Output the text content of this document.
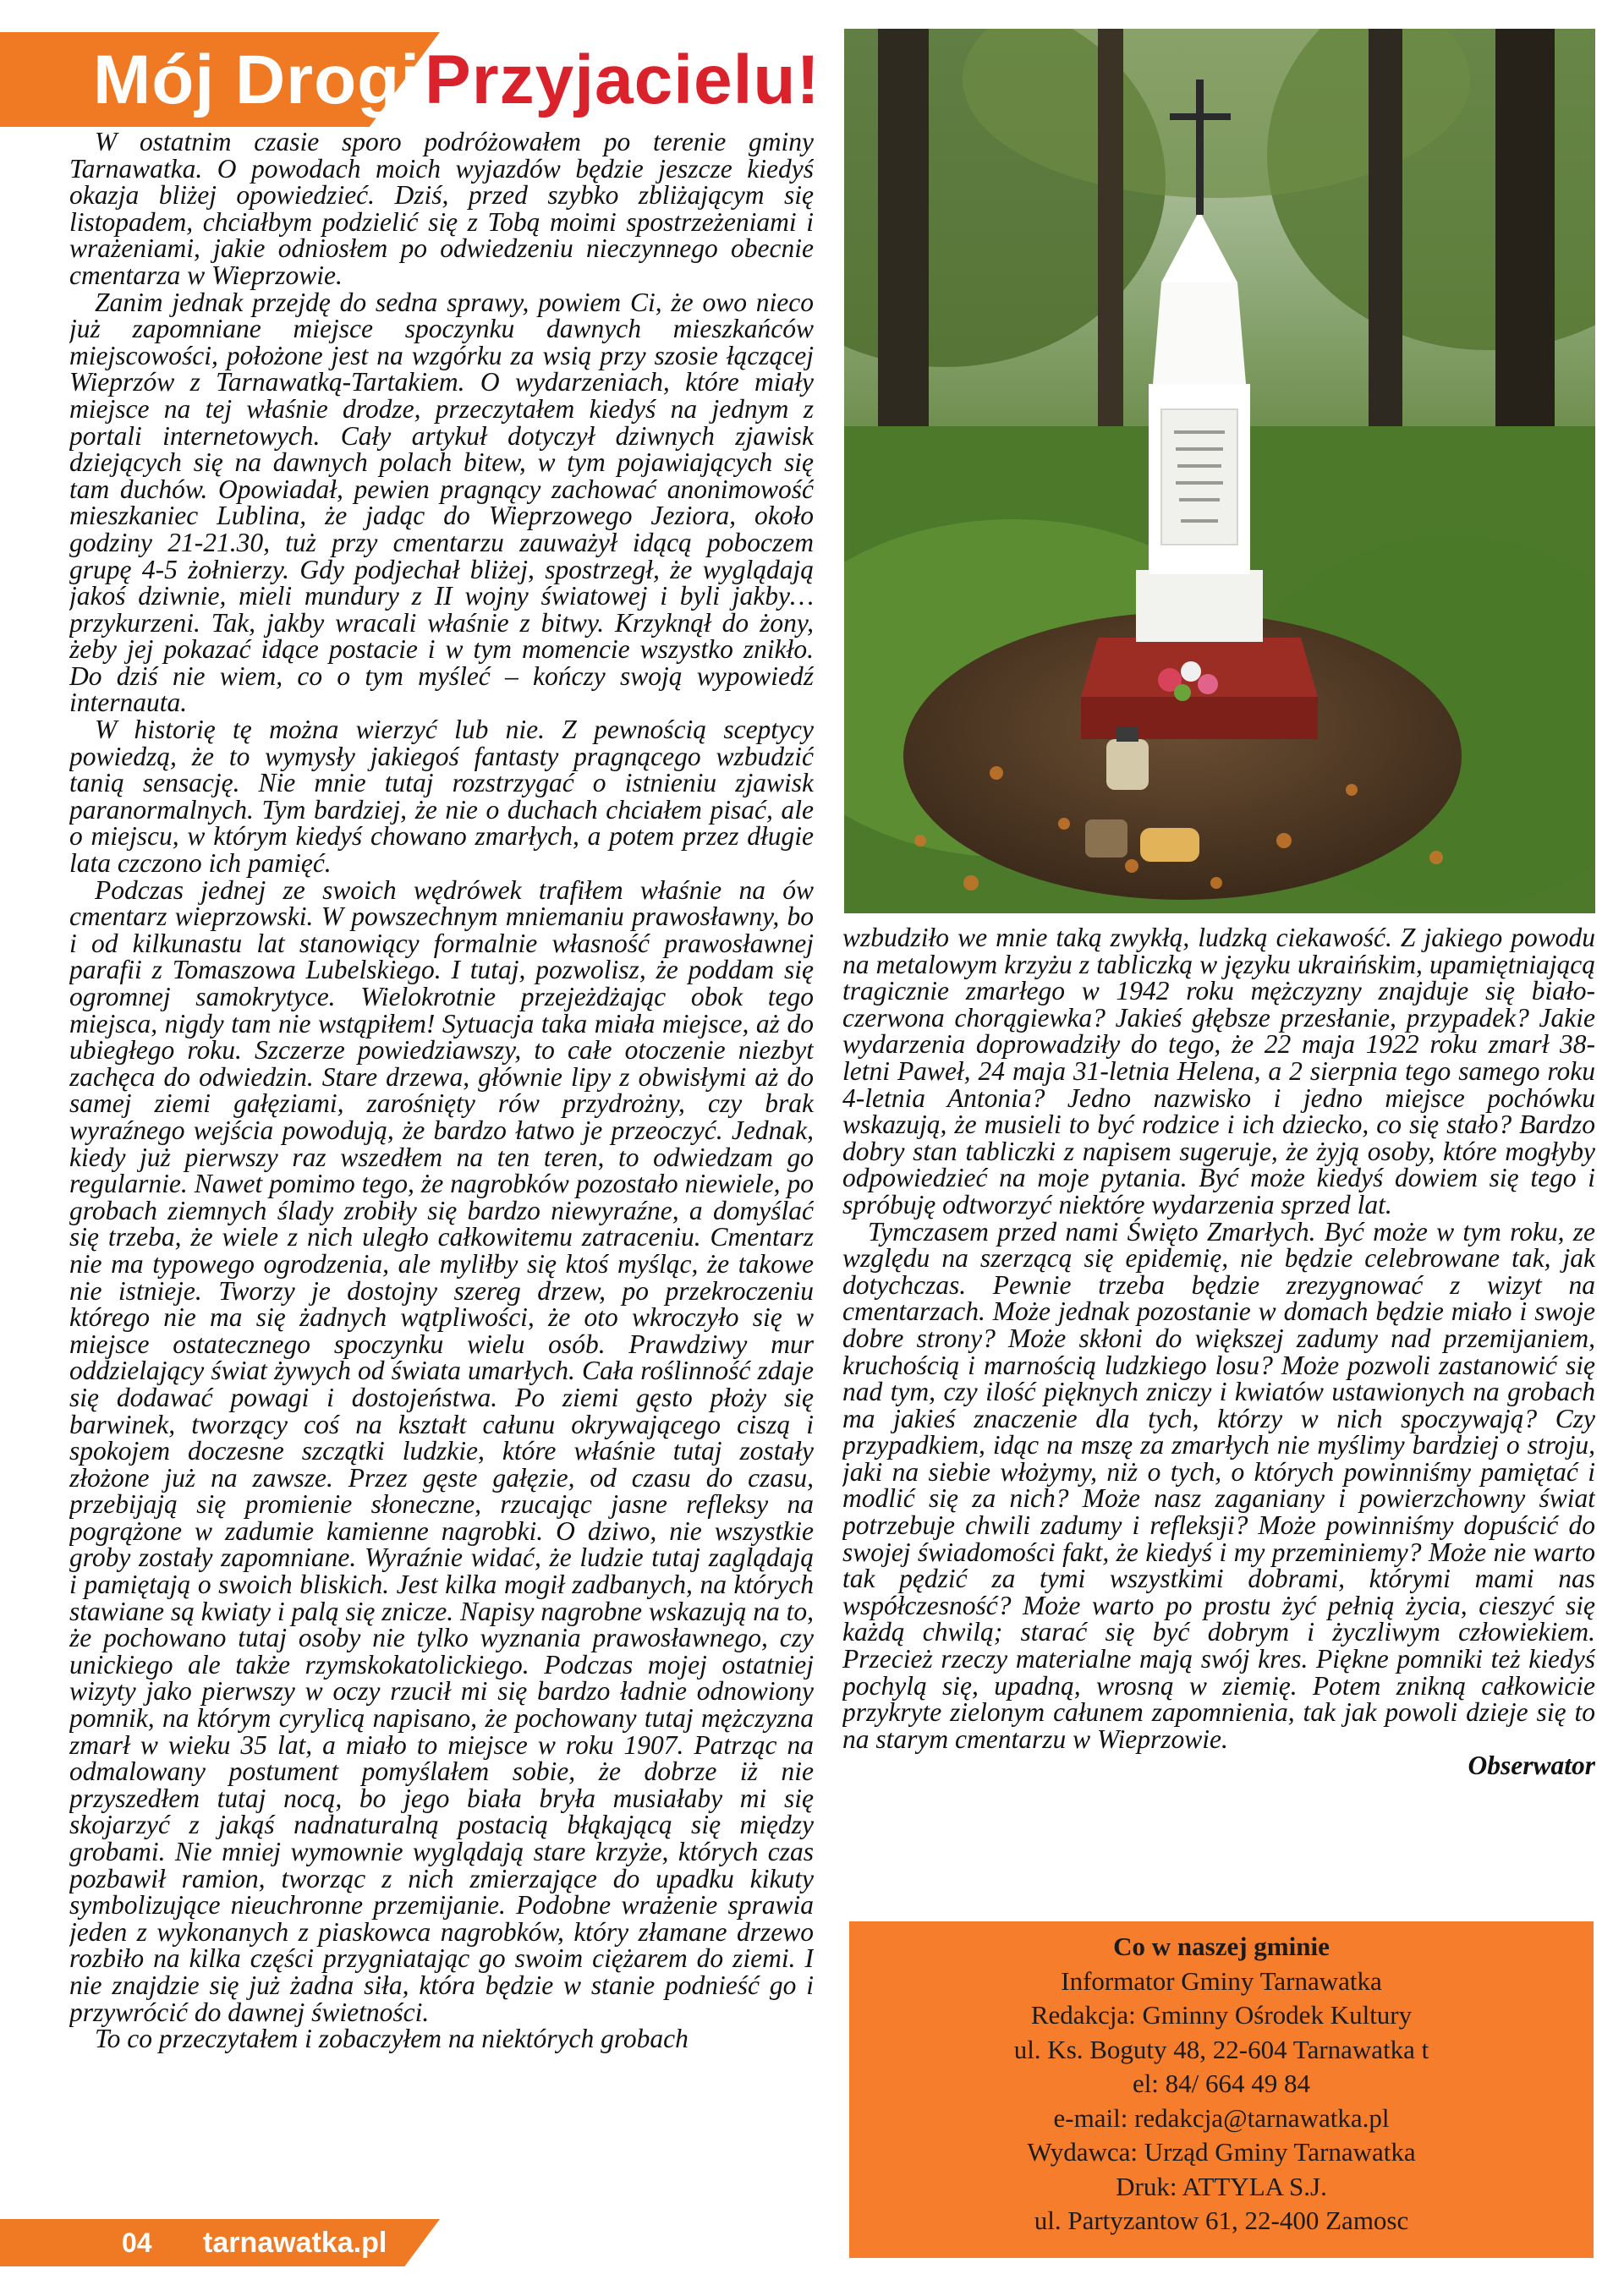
Mój Drogi Przyjacielu!

W ostatnim czasie sporo podróżowałem po terenie gminy Tarnawatka. O powodach moich wyjazdów będzie jeszcze kiedyś okazja bliżej opowiedzieć. Dziś, przed szybko zbliżającym się listopadem, chciałbym podzielić się z Tobą moimi spostrzeżeniami i wrażeniami, jakie odniosłem po odwiedzeniu nieczynnego obecnie cmentarza w Wieprzowie.

Zanim jednak przejdę do sedna sprawy, powiem Ci, że owo nieco już zapomniane miejsce spoczynku dawnych mieszkańców miejscowości, położone jest na wzgórku za wsią przy szosie łączącej Wieprzów z Tarnawatką-Tartakiem. O wydarzeniach, które miały miejsce na tej właśnie drodze, przeczytałem kiedyś na jednym z portali internetowych. Cały artykuł dotyczył dziwnych zjawisk dziejących się na dawnych polach bitew, w tym pojawiających się tam duchów. Opowiadał, pewien pragnący zachować anonimowość mieszkaniec Lublina, że jadąc do Wieprzowego Jeziora, około godziny 21-21.30, tuż przy cmentarzu zauważył idącą poboczem grupę 4-5 żołnierzy. Gdy podjechał bliżej, spostrzegł, że wyglądają jakoś dziwnie, mieli mundury z II wojny światowej i byli jakby… przykurzeni. Tak, jakby wracali właśnie z bitwy. Krzyknął do żony, żeby jej pokazać idące postacie i w tym momencie wszystko znikło. Do dziś nie wiem, co o tym myśleć – kończy swoją wypowiedź internauta.

W historię tę można wierzyć lub nie. Z pewnością sceptycy powiedzą, że to wymysły jakiegoś fantasty pragnącego wzbudzić tanią sensację. Nie mnie tutaj rozstrzygać o istnieniu zjawisk paranormalnych. Tym bardziej, że nie o duchach chciałem pisać, ale o miejscu, w którym kiedyś chowano zmarłych, a potem przez długie lata czczono ich pamięć.

Podczas jednej ze swoich wędrówek trafiłem właśnie na ów cmentarz wieprzowski. W powszechnym mniemaniu prawosławny, bo i od kilkunastu lat stanowiący formalnie własność prawosławnej parafii z Tomaszowa Lubelskiego. I tutaj, pozwolisz, że poddam się ogromnej samokrytyce. Wielokrotnie przejeżdżając obok tego miejsca, nigdy tam nie wstąpiłem! Sytuacja taka miała miejsce, aż do ubiegłego roku. Szczerze powiedziawszy, to całe otoczenie niezbyt zachęca do odwiedzin. Stare drzewa, głównie lipy z obwisłymi aż do samej ziemi gałęziami, zarośnięty rów przydrożny, czy brak wyraźnego wejścia powodują, że bardzo łatwo je przeoczyć. Jednak, kiedy już pierwszy raz wszedłem na ten teren, to odwiedzam go regularnie. Nawet pomimo tego, że nagrobków pozostało niewiele, po grobach ziemnych ślady zrobiły się bardzo niewyraźne, a domyślać się trzeba, że wiele z nich uległo całkowitemu zatraceniu. Cmentarz nie ma typowego ogrodzenia, ale myliłby się ktoś myśląc, że takowe nie istnieje. Tworzy je dostojny szereg drzew, po przekroczeniu którego nie ma się żadnych wątpliwości, że oto wkroczyło się w miejsce ostatecznego spoczynku wielu osób. Prawdziwy mur oddzielający świat żywych od świata umarłych. Cała roślinność zdaje się dodawać powagi i dostojeństwa. Po ziemi gęsto płoży się barwinek, tworzący coś na kształt całunu okrywającego ciszą i spokojem doczesne szczątki ludzkie, które właśnie tutaj zostały złożone już na zawsze. Przez gęste gałęzie, od czasu do czasu, przebijają się promienie słoneczne, rzucając jasne refleksy na pogrążone w zadumie kamienne nagrobki. O dziwo, nie wszystkie groby zostały zapomniane. Wyraźnie widać, że ludzie tutaj zaglądają i pamiętają o swoich bliskich. Jest kilka mogił zadbanych, na których stawiane są kwiaty i palą się znicze. Napisy nagrobne wskazują na to, że pochowano tutaj osoby nie tylko wyznania prawosławnego, czy unickiego ale także rzymskokatolickiego. Podczas mojej ostatniej wizyty jako pierwszy w oczy rzucił mi się bardzo ładnie odnowiony pomnik, na którym cyrylicą napisano, że pochowany tutaj mężczyzna zmarł w wieku 35 lat, a miało to miejsce w roku 1907. Patrząc na odmalowany postument pomyślałem sobie, że dobrze iż nie przyszedłem tutaj nocą, bo jego biała bryła musiałaby mi się skojarzyć z jakąś nadnaturalną postacią błąkającą się między grobami. Nie mniej wymownie wyglądają stare krzyże, których czas pozbawił ramion, tworząc z nich zmierzające do upadku kikuty symbolizujące nieuchronne przemijanie. Podobne wrażenie sprawia jeden z wykonanych z piaskowca nagrobków, który złamane drzewo rozbiło na kilka części przygniatając go swoim ciężarem do ziemi. I nie znajdzie się już żadna siła, która będzie w stanie podnieść go i przywrócić do dawnej świetności.

To co przeczytałem i zobaczyłem na niektórych grobach

wzbudziło we mnie taką zwykłą, ludzką ciekawość. Z jakiego powodu na metalowym krzyżu z tabliczką w języku ukraińskim, upamiętniającą tragicznie zmarłego w 1942 roku mężczyzny znajduje się biało-czerwona chorągiewka? Jakieś głębsze przesłanie, przypadek? Jakie wydarzenia doprowadziły do tego, że 22 maja 1922 roku zmarł 38-letni Paweł, 24 maja 31-letnia Helena, a 2 sierpnia tego samego roku 4-letnia Antonia? Jedno nazwisko i jedno miejsce pochówku wskazują, że musieli to być rodzice i ich dziecko, co się stało? Bardzo dobry stan tabliczki z napisem sugeruje, że żyją osoby, które mogłyby odpowiedzieć na moje pytania. Być może kiedyś dowiem się tego i spróbuję odtworzyć niektóre wydarzenia sprzed lat.

Tymczasem przed nami Święto Zmarłych. Być może w tym roku, ze względu na szerzącą się epidemię, nie będzie celebrowane tak, jak dotychczas. Pewnie trzeba będzie zrezygnować z wizyt na cmentarzach. Może jednak pozostanie w domach będzie miało i swoje dobre strony? Może skłoni do większej zadumy nad przemijaniem, kruchością i marnością ludzkiego losu? Może pozwoli zastanowić się nad tym, czy ilość pięknych zniczy i kwiatów ustawionych na grobach ma jakieś znaczenie dla tych, którzy w nich spoczywają? Czy przypadkiem, idąc na mszę za zmarłych nie myślimy bardziej o stroju, jaki na siebie włożymy, niż o tych, o których powinniśmy pamiętać i modlić się za nich? Może nasz zaganiany i powierzchowny świat potrzebuje chwili zadumy i refleksji? Może powinniśmy dopuścić do swojej świadomości fakt, że kiedyś i my przeminiemy? Może nie warto tak pędzić za tymi wszystkimi dobrami, którymi mami nas współczesność? Może warto po prostu żyć pełnią życia, cieszyć się każdą chwilą; starać się być dobrym i życzliwym człowiekiem. Przecież rzeczy materialne mają swój kres. Piękne pomniki też kiedyś pochylą się, upadną, wrosną w ziemię. Potem znikną całkowicie przykryte zielonym całunem zapomnienia, tak jak powoli dzieje się to na starym cmentarzu w Wieprzowie.

Obserwator

Co w naszej gminie
Informator Gminy Tarnawatka
Redakcja: Gminny Ośrodek Kultury
ul. Ks. Boguty 48, 22-604 Tarnawatka t
el: 84/ 664 49 84
e-mail: redakcja@tarnawatka.pl
Wydawca: Urząd Gminy Tarnawatka
Druk: ATTYLA S.J.
ul. Partyzantow 61, 22-400 Zamosc
04 tarnawatka.pl
